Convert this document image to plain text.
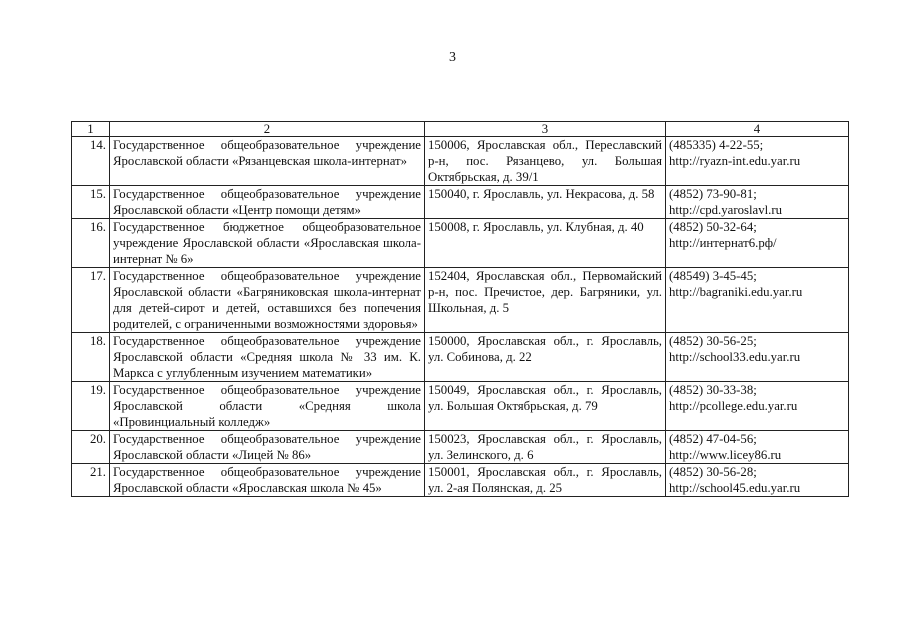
3
1	2	3	4
14.	Государственное общеобразовательное учреждение Ярославской области «Рязанцевская школа-интернат»	150006, Ярославская обл., Переславский р-н, пос. Рязанцево, ул. Большая Октябрьская, д. 39/1	(485335) 4-22-55;
http://ryazn-int.edu.yar.ru

15.	Государственное общеобразовательное учреждение Ярославской области «Центр помощи детям»	150040, г. Ярославль, ул. Некрасова, д. 58	(4852) 73-90-81;
http://cpd.yaroslavl.ru

16.	Государственное бюджетное общеобразовательное учреждение Ярославской области «Ярославская школа-интернат № 6»	150008, г. Ярославль, ул. Клубная, д. 40	(4852) 50-32-64;
http://интернат6.рф/

17.	Государственное общеобразовательное учреждение Ярославской области «Багряниковская школа-интернат для детей-сирот и детей, оставшихся без попечения родителей, с ограниченными возможностями здоровья»	152404, Ярославская обл., Первомайский р-н, пос. Пречистое, дер. Багряники, ул. Школьная, д. 5	(48549) 3-45-45;
http://bagraniki.edu.yar.ru

18.	Государственное общеобразовательное учреждение Ярославской области «Средняя школа № 33 им. К. Маркса с углубленным изучением математики»	150000, Ярославская обл., г. Ярославль, ул. Собинова, д. 22	(4852) 30-56-25;
http://school33.edu.yar.ru

19.	Государственное общеобразовательное учреждение Ярославской области «Средняя школа «Провинциальный колледж»	150049, Ярославская обл., г. Ярославль, ул. Большая Октябрьская, д. 79	(4852) 30-33-38;
http://pcollege.edu.yar.ru

20.	Государственное общеобразовательное учреждение Ярославской области «Лицей № 86»	150023, Ярославская обл., г. Ярославль, ул. Зелинского, д. 6	(4852) 47-04-56;
http://www.licey86.ru

21.	Государственное общеобразовательное учреждение Ярославской области «Ярославская школа № 45»	150001, Ярославская обл., г. Ярославль, ул. 2-ая Полянская, д. 25	(4852) 30-56-28;
http://school45.edu.yar.ru
